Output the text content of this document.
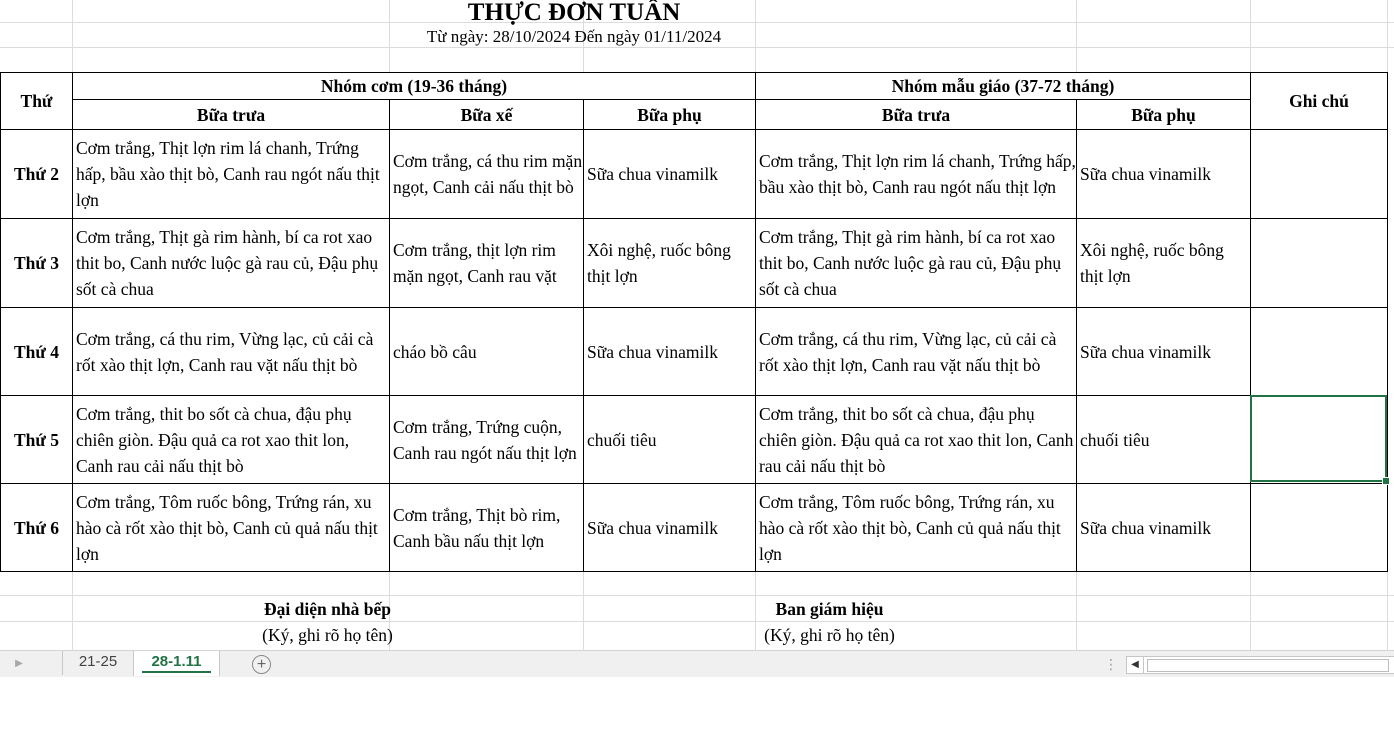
THỰC ĐƠN TUẦN
Từ ngày: 28/10/2024 Đến ngày 01/11/2024
Thứ	Nhóm cơm (19-36 tháng)			Nhóm mẫu giáo (37-72 tháng)		Ghi chú
	Bữa trưa	Bữa xế	Bữa phụ	Bữa trưa	Bữa phụ	
Thứ 2	Cơm trắng, Thịt lợn rim lá chanh, Trứng hấp, bầu xào thịt bò, Canh rau ngót nấu thịt lợn	Cơm trắng, cá thu rim mặn ngọt, Canh cải nấu thịt bò	Sữa chua vinamilk	Cơm trắng, Thịt lợn rim lá chanh, Trứng hấp, bầu xào thịt bò, Canh rau ngót nấu thịt lợn	Sữa chua vinamilk	
Thứ 3	Cơm trắng, Thịt gà rim hành, bí ca rot xao thit bo, Canh nước luộc gà rau củ, Đậu phụ sốt cà chua	Cơm trắng, thịt lợn rim mặn ngọt, Canh rau vặt	Xôi nghệ, ruốc bông thịt lợn	Cơm trắng, Thịt gà rim hành, bí ca rot xao thit bo, Canh nước luộc gà rau củ, Đậu phụ sốt cà chua	Xôi nghệ, ruốc bông thịt lợn	
Thứ 4	Cơm trắng, cá thu rim, Vừng lạc, củ cải cà rốt xào thịt lợn, Canh rau vặt nấu thịt bò	cháo bồ câu	Sữa chua vinamilk	Cơm trắng, cá thu rim, Vừng lạc, củ cải cà rốt xào thịt lợn, Canh rau vặt nấu thịt bò	Sữa chua vinamilk	
Thứ 5	Cơm trắng, thit bo sốt cà chua, đậu phụ chiên giòn. Đậu quả ca rot xao thit lon, Canh rau cải nấu thịt bò	Cơm trắng, Trứng cuộn, Canh rau ngót nấu thịt lợn	chuối tiêu	Cơm trắng, thit bo sốt cà chua, đậu phụ chiên giòn. Đậu quả ca rot xao thit lon, Canh rau cải nấu thịt bò	chuối tiêu	
Thứ 6	Cơm trắng, Tôm ruốc bông, Trứng rán, xu hào cà rốt xào thịt bò, Canh củ quả nấu thịt lợn	Cơm trắng, Thịt bò rim, Canh bầu nấu thịt lợn	Sữa chua vinamilk	Cơm trắng, Tôm ruốc bông, Trứng rán, xu hào cà rốt xào thịt bò, Canh củ quả nấu thịt lợn	Sữa chua vinamilk	
Đại diện nhà bếp
(Ký, ghi rõ họ tên)
Ban giám hiệu
(Ký, ghi rõ họ tên)
▶	21-25	28-1.11	+	⋮	◀
